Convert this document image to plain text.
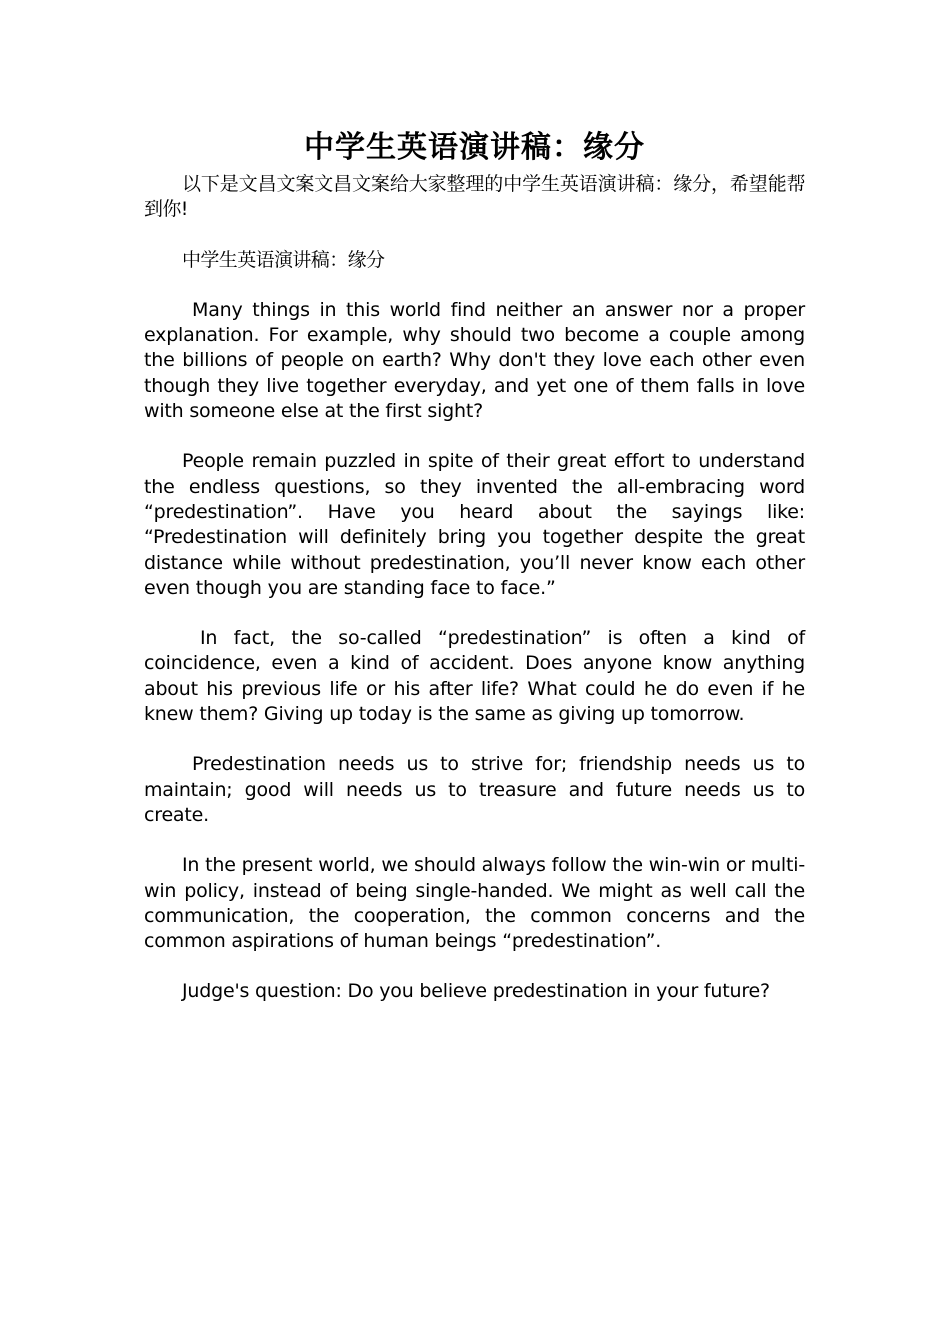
中学生英语演讲稿：缘分

以下是文昌文案文昌文案给大家整理的中学生英语演讲稿：缘分，希望能帮到你!

中学生英语演讲稿：缘分

Many things in this world find neither an answer nor a proper explanation. For example, why should two become a couple among the billions of people on earth? Why don't they love each other even though they live together everyday, and yet one of them falls in love with someone else at the first sight?

People remain puzzled in spite of their great effort to understand the endless questions, so they invented the all-embracing word “predestination”. Have you heard about the sayings like: “Predestination will definitely bring you together despite the great distance while without predestination, you’ll never know each other even though you are standing face to face.”

In fact, the so-called “predestination” is often a kind of coincidence, even a kind of accident. Does anyone know anything about his previous life or his after life? What could he do even if he knew them? Giving up today is the same as giving up tomorrow.

Predestination needs us to strive for; friendship needs us to maintain; good will needs us to treasure and future needs us to create.

In the present world, we should always follow the win-win or multi-win policy, instead of being single-handed. We might as well call the communication, the cooperation, the common concerns and the common aspirations of human beings “predestination”.

Judge's question: Do you believe predestination in your future?
